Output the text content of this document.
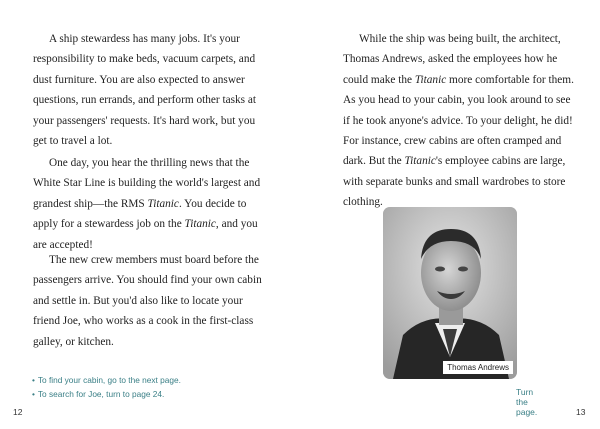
A ship stewardess has many jobs. It's your responsibility to make beds, vacuum carpets, and dust furniture. You are also expected to answer questions, run errands, and perform other tasks at your passengers' requests. It's hard work, but you get to travel a lot.

One day, you hear the thrilling news that the White Star Line is building the world's largest and grandest ship—the RMS Titanic. You decide to apply for a stewardess job on the Titanic, and you are accepted!

The new crew members must board before the passengers arrive. You should find your own cabin and settle in. But you'd also like to locate your friend Joe, who works as a cook in the first-class galley, or kitchen.

• To find your cabin, go to the next page.
• To search for Joe, turn to page 24.
12

While the ship was being built, the architect, Thomas Andrews, asked the employees how he could make the Titanic more comfortable for them. As you head to your cabin, you look around to see if he took anyone's advice. To your delight, he did! For instance, crew cabins are often cramped and dark. But the Titanic's employee cabins are large, with separate bunks and small wardrobes to store clothing.

Thomas Andrews
Turn the page.	13
